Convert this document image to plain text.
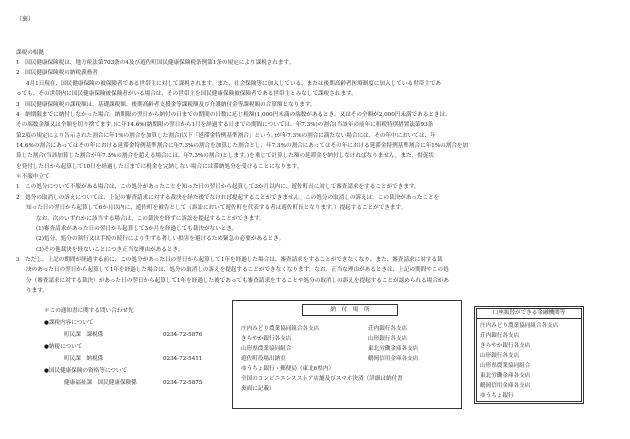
（裏）
課税の根拠
1　国民健康保険税は、地方税法第703条の4及び遊佐町国民健康保険税条例第1条の規定により課税されます。
2　国民健康保険税の納税義務者
4月1日現在、国民健康保険の被保険者である世帯主に対して課税されます。また、社会保険等に加入している、または後期高齢者医療制度に加入している世帯主であ
っても、その世帯内に国民健康保険被保険者がいる場合は、その世帯主を国民健康保険被保険者である世帯主とみなして課税されます。
3　国民健康保険税の課税額は、基礎課税額、後期高齢者支援金等課税額及び介護納付金等課税額の合算額となります。
4　納期限までに納付しなかった場合、納期限の翌日から納付の日までの期間の日数に応じ税額(1,000円未満の端数があるとき、又はその全額が2,000円未満であるときは、
その端数金額又は全額を切り捨てます。)に年14.6%(納期限の翌日から1月を経過する日までの期間については、年7.3%)の割合(当該年の前年に租税特別措置法第93条
第2項の規定により告示された割合に年1%の割合を加算した割合(以下「延滞金特例基準割合」という。)が年7.3%の割合に満たない場合には、その年中においては、年
14.6%の割合にあってはその年における延滞金特例基準割合に年7.3%の割合を加算した割合とし、年7.3%の割合にあってはその年における延滞金特例基準割合に年1%の割合を加
算した割合(当該加算した割合が年7.3%の割合を超える場合には、年7.3%の割合)とします。)を乗じて計算した額の延滞金を納付しなければなりません。また、督促状
を発付した日から起算して10日を経過した日までに税金を完納しない場合には滞納処分を受けることになります。
＊不服申立て
1　この処分について不服がある場合は、この処分があったことを知った日の翌日から起算して3か月以内に、遊佐町長に対して審査請求をすることができます。
2　処分の取消しの訴えについては、上記の審査請求に対する裁決を経た後でなければ提起することができません。この処分の取消しの訴えは、この裁決があったことを
知った日の翌日から起算して6か月以内に、遊佐町を被告として（訴訟において遊佐町を代表する者は遊佐町長となります。）提起することができます。
なお、次のいずれかに該当する場合は、この裁決を経ずに訴訟を提起することができます。
(1)審査請求があった日の翌日から起算して3か月を経過しても裁決がないとき。
(2)処分、処分の執行又は手続の続行により生ずる著しい損害を避けるため緊急の必要があるとき。
(3)その他裁決を経ないことにつき正当な理由があるとき。
3　ただし、上記の期間が経過する前に、この処分があった日の翌日から起算して1年を経過した場合は、審査請求をすることができなくなり、また、審査請求に対する裁
決のあった日の翌日から起算して1年を経過した場合は、処分の取消しの訴えを提起することができなくなります。なお、正当な理由があるときは、上記の期間やこの処
分（審査請求に対する裁決）があった日の翌日から起算して1年を経過した後であっても審査請求をすることや処分の取消しの訴えを提起することが認められる場合があ
ります。
＊この通知書に関する問い合わせ先
●課税内容について
町民課　課税係	0234-72-5876
●納税について
町民課　納税係	0234-72-5411
●国民健康保険の資格等について
健康福祉課　国民健康保険係	0234-72-5875
納　付　場　所
庄内みどり農業協同組合各支店
きらやか銀行各支店
山形県農業協同組合
遊佐町役場出納室
ゆうちょ銀行・郵便局（東北6県内）
全国のコンビニエンスストア店舗及びスマホ決済（詳細は納付書
裏面に記載）
荘内銀行各支店
山形銀行各支店
東北労働金庫各支店
鶴岡信用金庫各支店
口座振替ができる金融機関等
庄内みどり農業協同組合各支店
荘内銀行各支店
きらやか銀行各支店
山形銀行各支店
山形県農業協同組合
東北労働金庫各支店
鶴岡信用金庫各支店
ゆうちょ銀行
